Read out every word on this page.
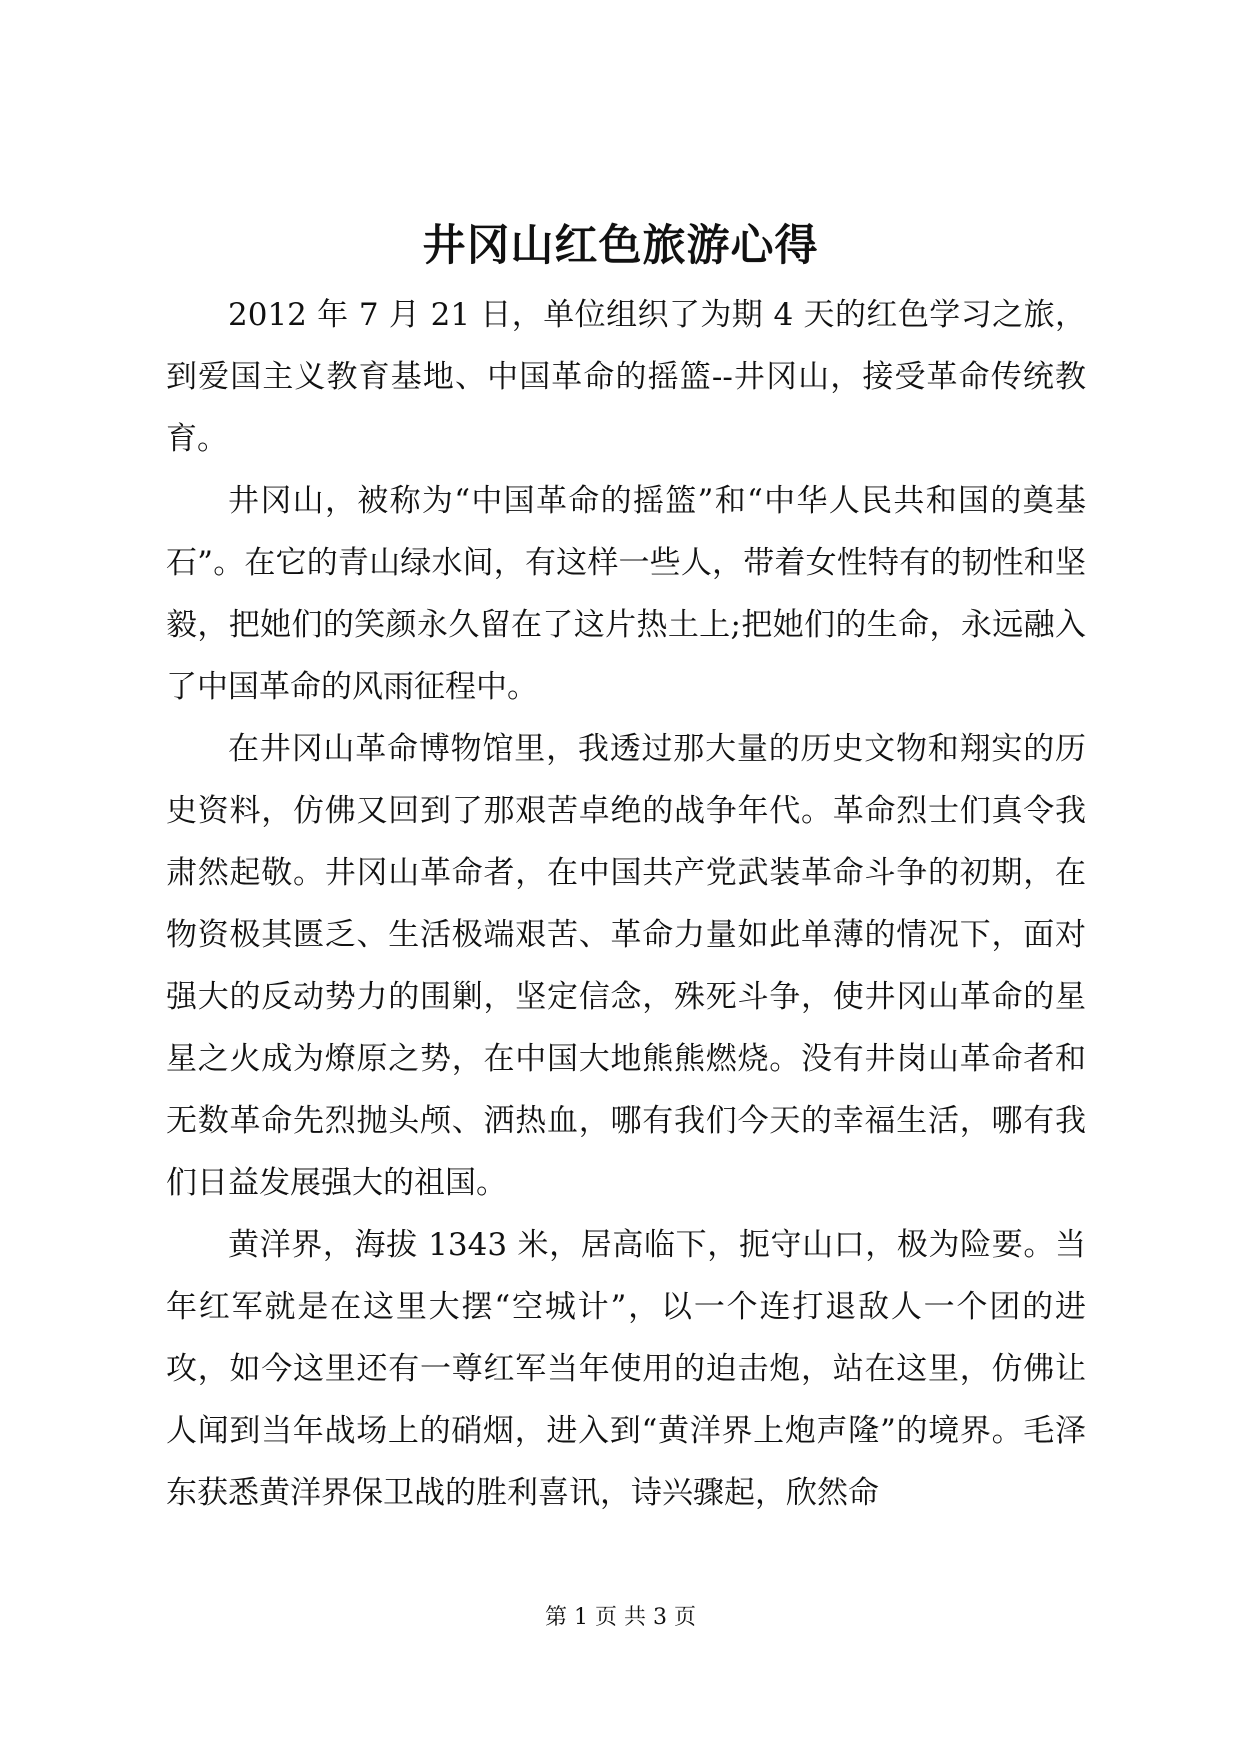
井冈山红色旅游心得

2012 年 7 月 21 日，单位组织了为期 4 天的红色学习之旅，到爱国主义教育基地、中国革命的摇篮--井冈山，接受革命传统教育。

井冈山，被称为“中国革命的摇篮”和“中华人民共和国的奠基石”。在它的青山绿水间，有这样一些人，带着女性特有的韧性和坚毅，把她们的笑颜永久留在了这片热土上;把她们的生命，永远融入了中国革命的风雨征程中。

在井冈山革命博物馆里，我透过那大量的历史文物和翔实的历史资料，仿佛又回到了那艰苦卓绝的战争年代。革命烈士们真令我肃然起敬。井冈山革命者，在中国共产党武装革命斗争的初期，在物资极其匮乏、生活极端艰苦、革命力量如此单薄的情况下，面对强大的反动势力的围剿，坚定信念，殊死斗争，使井冈山革命的星星之火成为燎原之势，在中国大地熊熊燃烧。没有井岗山革命者和无数革命先烈抛头颅、洒热血，哪有我们今天的幸福生活，哪有我们日益发展强大的祖国。

黄洋界，海拔 1343 米，居高临下，扼守山口，极为险要。当年红军就是在这里大摆“空城计”，以一个连打退敌人一个团的进攻，如今这里还有一尊红军当年使用的迫击炮，站在这里，仿佛让人闻到当年战场上的硝烟，进入到“黄洋界上炮声隆”的境界。毛泽东获悉黄洋界保卫战的胜利喜讯，诗兴骤起，欣然命

第 1 页 共 3 页
